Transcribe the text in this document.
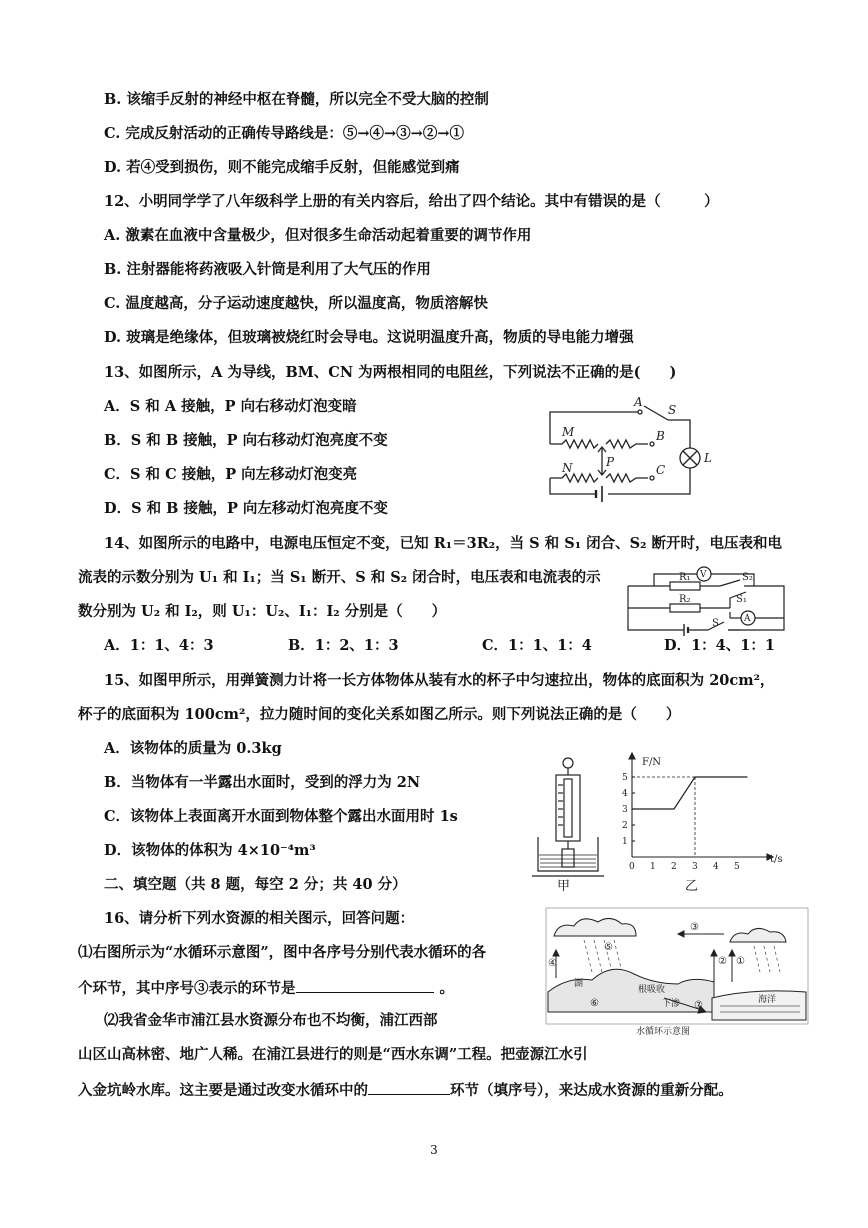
B. 该缩手反射的神经中枢在脊髓，所以完全不受大脑的控制
C. 完成反射活动的正确传导路线是：⑤→④→③→②→①
D. 若④受到损伤，则不能完成缩手反射，但能感觉到痛
12、小明同学学了八年级科学上册的有关内容后，给出了四个结论。其中有错误的是（　　　）
A. 激素在血液中含量极少，但对很多生命活动起着重要的调节作用
B. 注射器能将药液吸入针筒是利用了大气压的作用
C. 温度越高，分子运动速度越快，所以温度高，物质溶解快
D. 玻璃是绝缘体，但玻璃被烧红时会导电。这说明温度升高，物质的导电能力增强
13、如图所示，A 为导线，BM、CN 为两根相同的电阻丝，下列说法不正确的是(　　)
A．S 和 A 接触，P 向右移动灯泡变暗
B．S 和 B 接触，P 向右移动灯泡亮度不变
C．S 和 C 接触，P 向左移动灯泡变亮
D．S 和 B 接触，P 向左移动灯泡亮度不变
A
S
M	B
P	L
N	C
14、如图所示的电路中，电源电压恒定不变，已知 R₁＝3R₂，当 S 和 S₁ 闭合、S₂ 断开时，电压表和电
流表的示数分别为 U₁ 和 I₁；当 S₁ 断开、S 和 S₂ 闭合时，电压表和电流表的示
数分别为 U₂ 和 I₂，则 U₁：U₂、I₁：I₂ 分别是（　　）
A．1：1、4：3	B．1：2、1：3	C．1：1、1：4	D．1：4、1：1
R₁
R₂
V	S₂
S₁
S	A
15、如图甲所示，用弹簧测力计将一长方体物体从装有水的杯子中匀速拉出，物体的底面积为 20cm²，
杯子的底面积为 100cm²，拉力随时间的变化关系如图乙所示。则下列说法正确的是（　　）
A．该物体的质量为 0.3kg
B．当物体有一半露出水面时，受到的浮力为 2N
C．该物体上表面离开水面到物体整个露出水面用时 1s
D．该物体的体积为 4×10⁻⁴m³
甲
0 1 2 3 4 5
1
2
3
4
5
F/N
t/s
乙
二、填空题（共 8 题，每空 2 分；共 40 分）
16、请分析下列水资源的相关图示，回答问题：
⑴右图所示为“水循环示意图”，图中各序号分别代表水循环的各
个环节，其中序号③表示的环节是	。
⑵我省金华市浦江县水资源分布也不均衡，浦江西部
山区山高林密、地广人稀。在浦江县进行的则是“西水东调”工程。把壶源江水引
入金坑岭水库。这主要是通过改变水循环中的	环节（填序号），来达成水资源的重新分配。
⑤
④
③
② ①
⑥	⑦
湖
根吸收
下渗	海洋
水循环示意图
3
